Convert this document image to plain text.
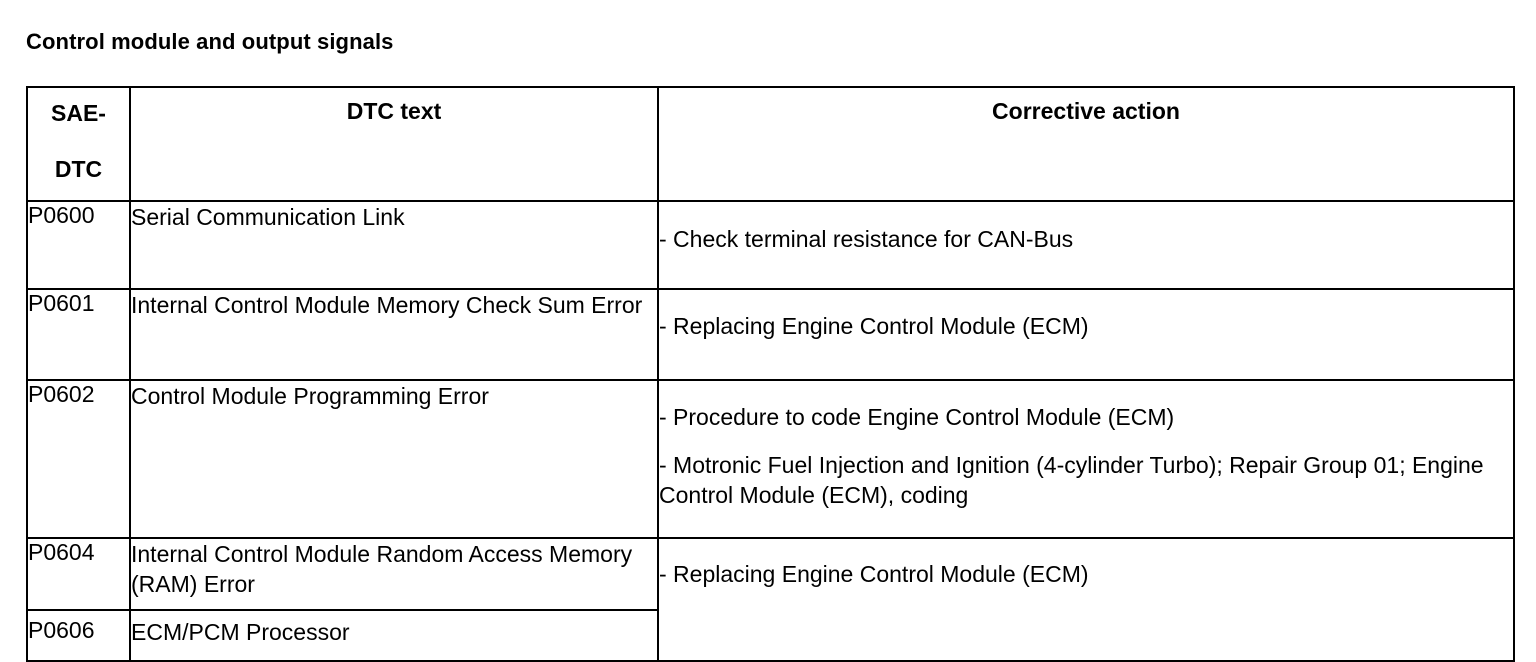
Control module and output signals
SAE-
DTC	DTC text	Corrective action

P0600	Serial Communication Link	- Check terminal resistance for CAN-Bus

P0601	Internal Control Module Memory Check Sum Error	- Replacing Engine Control Module (ECM)

P0602	Control Module Programming Error	- Procedure to code Engine Control Module (ECM)
- Motronic Fuel Injection and Ignition (4-cylinder Turbo); Repair Group 01; Engine Control Module (ECM), coding

P0604	Internal Control Module Random Access Memory (RAM) Error	- Replacing Engine Control Module (ECM)

P0606	ECM/PCM Processor	
